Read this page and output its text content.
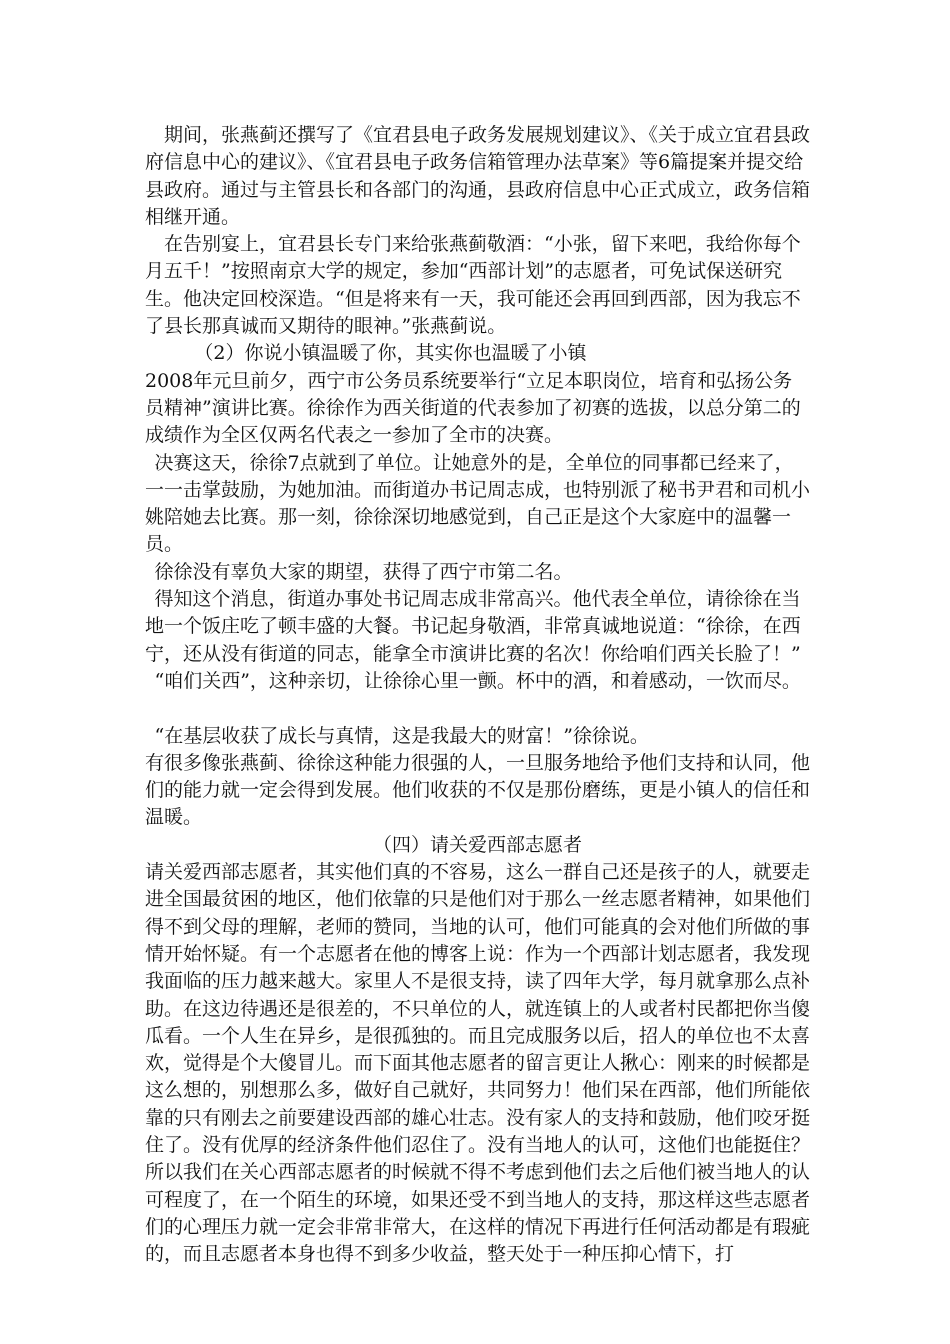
期间，张燕蓟还撰写了《宜君县电子政务发展规划建议》、《关于成立宜君县政府信息中心的建议》、《宜君县电子政务信箱管理办法草案》等6篇提案并提交给县政府。通过与主管县长和各部门的沟通，县政府信息中心正式成立，政务信箱相继开通。

在告别宴上，宜君县长专门来给张燕蓟敬酒：“小张，留下来吧，我给你每个月五千！”按照南京大学的规定，参加“西部计划”的志愿者，可免试保送研究生。他决定回校深造。“但是将来有一天，我可能还会再回到西部，因为我忘不了县长那真诚而又期待的眼神。”张燕蓟说。

（2）你说小镇温暖了你，其实你也温暖了小镇

2008年元旦前夕，西宁市公务员系统要举行“立足本职岗位，培育和弘扬公务员精神”演讲比赛。徐徐作为西关街道的代表参加了初赛的选拔，以总分第二的成绩作为全区仅两名代表之一参加了全市的决赛。

决赛这天，徐徐7点就到了单位。让她意外的是，全单位的同事都已经来了，一一击掌鼓励，为她加油。而街道办书记周志成，也特别派了秘书尹君和司机小姚陪她去比赛。那一刻，徐徐深切地感觉到，自己正是这个大家庭中的温馨一员。

徐徐没有辜负大家的期望，获得了西宁市第二名。

得知这个消息，街道办事处书记周志成非常高兴。他代表全单位，请徐徐在当地一个饭庄吃了顿丰盛的大餐。书记起身敬酒，非常真诚地说道：“徐徐，在西宁，还从没有街道的同志，能拿全市演讲比赛的名次！你给咱们西关长脸了！”

“咱们关西”，这种亲切，让徐徐心里一颤。杯中的酒，和着感动，一饮而尽。

“在基层收获了成长与真情，这是我最大的财富！”徐徐说。

有很多像张燕蓟、徐徐这种能力很强的人，一旦服务地给予他们支持和认同，他们的能力就一定会得到发展。他们收获的不仅是那份磨练，更是小镇人的信任和温暖。

（四）请关爱西部志愿者

请关爱西部志愿者，其实他们真的不容易，这么一群自己还是孩子的人，就要走进全国最贫困的地区，他们依靠的只是他们对于那么一丝志愿者精神，如果他们得不到父母的理解，老师的赞同，当地的认可，他们可能真的会对他们所做的事情开始怀疑。有一个志愿者在他的博客上说：作为一个西部计划志愿者，我发现我面临的压力越来越大。家里人不是很支持，读了四年大学，每月就拿那么点补助。在这边待遇还是很差的，不只单位的人，就连镇上的人或者村民都把你当傻瓜看。一个人生在异乡，是很孤独的。而且完成服务以后，招人的单位也不太喜欢，觉得是个大傻冒儿。而下面其他志愿者的留言更让人揪心：刚来的时候都是这么想的，别想那么多，做好自己就好，共同努力！他们呆在西部，他们所能依靠的只有刚去之前要建设西部的雄心壮志。没有家人的支持和鼓励，他们咬牙挺住了。没有优厚的经济条件他们忍住了。没有当地人的认可，这他们也能挺住？

所以我们在关心西部志愿者的时候就不得不考虑到他们去之后他们被当地人的认可程度了，在一个陌生的环境，如果还受不到当地人的支持，那这样这些志愿者们的心理压力就一定会非常非常大，在这样的情况下再进行任何活动都是有瑕疵的，而且志愿者本身也得不到多少收益，整天处于一种压抑心情下，打
